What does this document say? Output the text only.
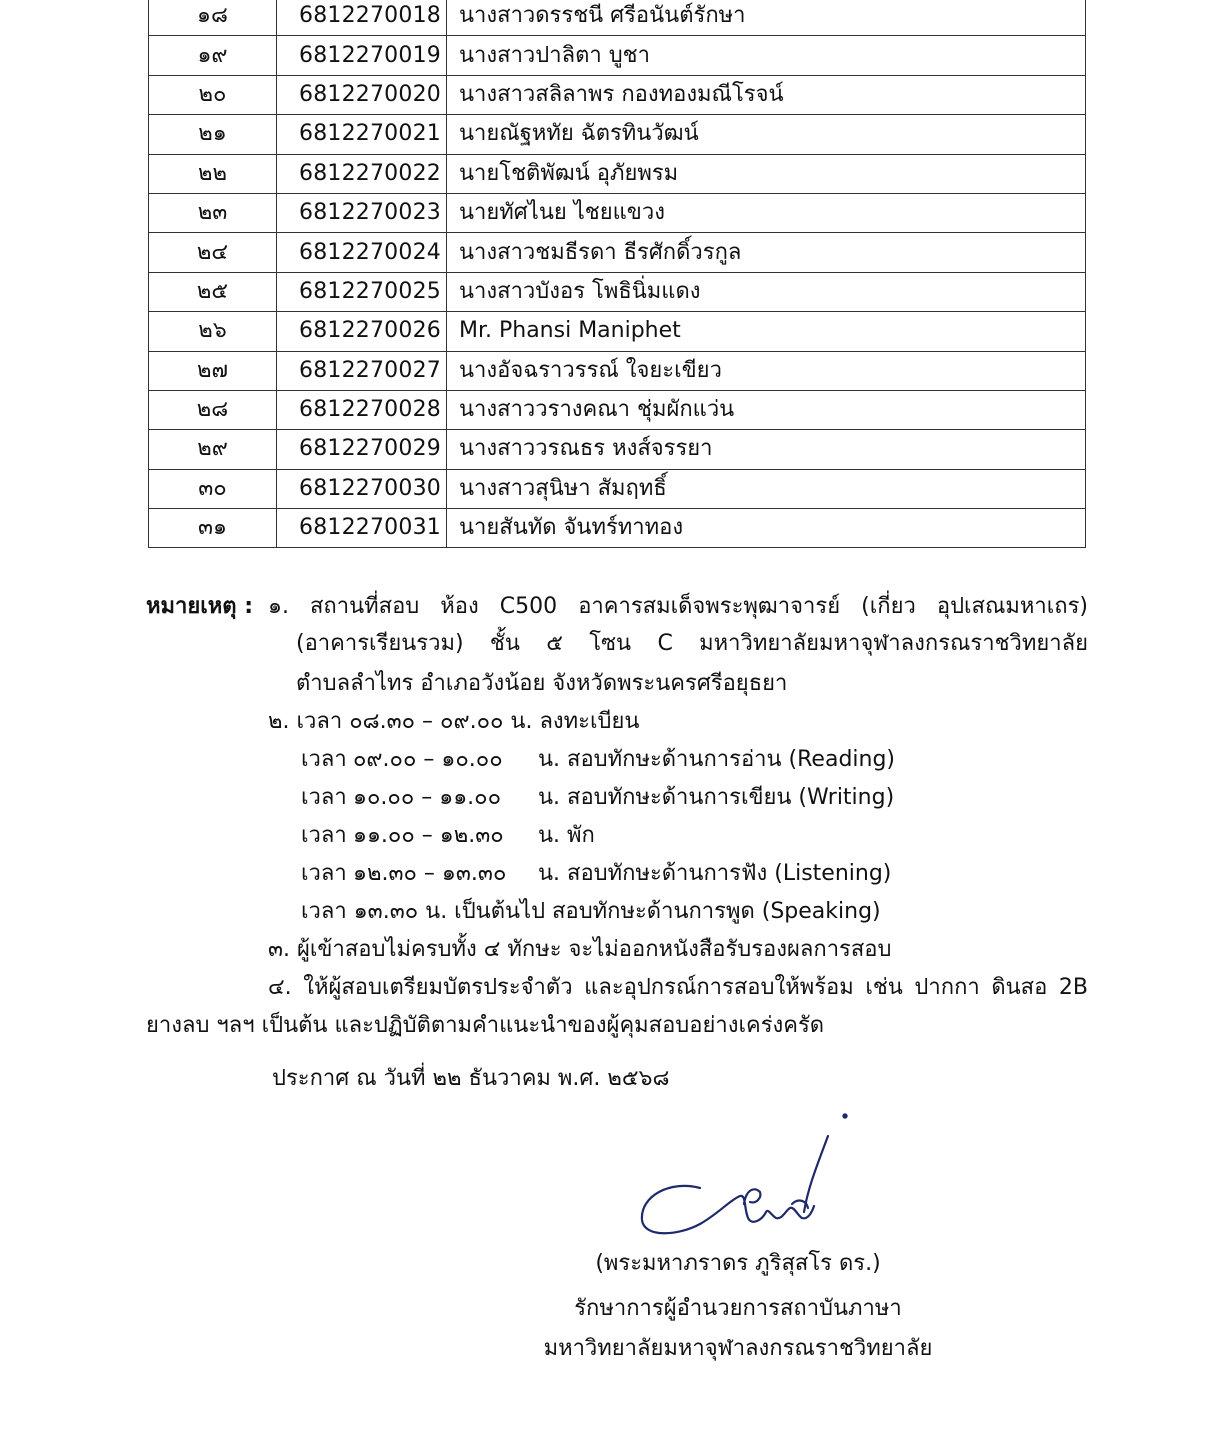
๑๘	6812270018	นางสาวดรรชนี ศรีอนันต์รักษา
๑๙	6812270019	นางสาวปาลิตา บูชา
๒๐	6812270020	นางสาวสลิลาพร กองทองมณีโรจน์
๒๑	6812270021	นายณัฐหทัย ฉัตรทินวัฒน์
๒๒	6812270022	นายโชติพัฒน์ อุภัยพรม
๒๓	6812270023	นายทัศไนย ไชยแขวง
๒๔	6812270024	นางสาวชมธีรดา ธีรศักดิ์วรกูล
๒๕	6812270025	นางสาวบังอร โพธินิ่มแดง
๒๖	6812270026	Mr. Phansi Maniphet
๒๗	6812270027	นางอัจฉราวรรณ์ ใจยะเขียว
๒๘	6812270028	นางสาววรางคณา ชุ่มผักแว่น
๒๙	6812270029	นางสาววรณธร หงส์จรรยา
๓๐	6812270030	นางสาวสุนิษา สัมฤทธิ์
๓๑	6812270031	นายสันทัด จันทร์ทาทอง
หมายเหตุ : ๑. สถานที่สอบ ห้อง C500 อาคารสมเด็จพระพุฒาจารย์ (เกี่ยว อุปเสณมหาเถร)
(อาคารเรียนรวม) ชั้น ๕ โซน C มหาวิทยาลัยมหาจุฬาลงกรณราชวิทยาลัย
ตำบลลำไทร อำเภอวังน้อย จังหวัดพระนครศรีอยุธยา
๒. เวลา ๐๘.๓๐ – ๐๙.๐๐ น. ลงทะเบียน
เวลา ๐๙.๐๐ – ๑๐.๐๐ น. สอบทักษะด้านการอ่าน (Reading)
เวลา ๑๐.๐๐ – ๑๑.๐๐ น. สอบทักษะด้านการเขียน (Writing)
เวลา ๑๑.๐๐ – ๑๒.๓๐ น. พัก
เวลา ๑๒.๓๐ – ๑๓.๓๐ น. สอบทักษะด้านการฟัง (Listening)
เวลา ๑๓.๓๐ น. เป็นต้นไป สอบทักษะด้านการพูด (Speaking)
๓. ผู้เข้าสอบไม่ครบทั้ง ๔ ทักษะ จะไม่ออกหนังสือรับรองผลการสอบ
๔. ให้ผู้สอบเตรียมบัตรประจำตัว และอุปกรณ์การสอบให้พร้อม เช่น ปากกา ดินสอ 2B
ยางลบ ฯลฯ เป็นต้น และปฏิบัติตามคำแนะนำของผู้คุมสอบอย่างเคร่งครัด
ประกาศ ณ วันที่ ๒๒ ธันวาคม พ.ศ. ๒๕๖๘
(พระมหาภราดร ภูริสุสโร ดร.)
รักษาการผู้อำนวยการสถาบันภาษา
มหาวิทยาลัยมหาจุฬาลงกรณราชวิทยาลัย
